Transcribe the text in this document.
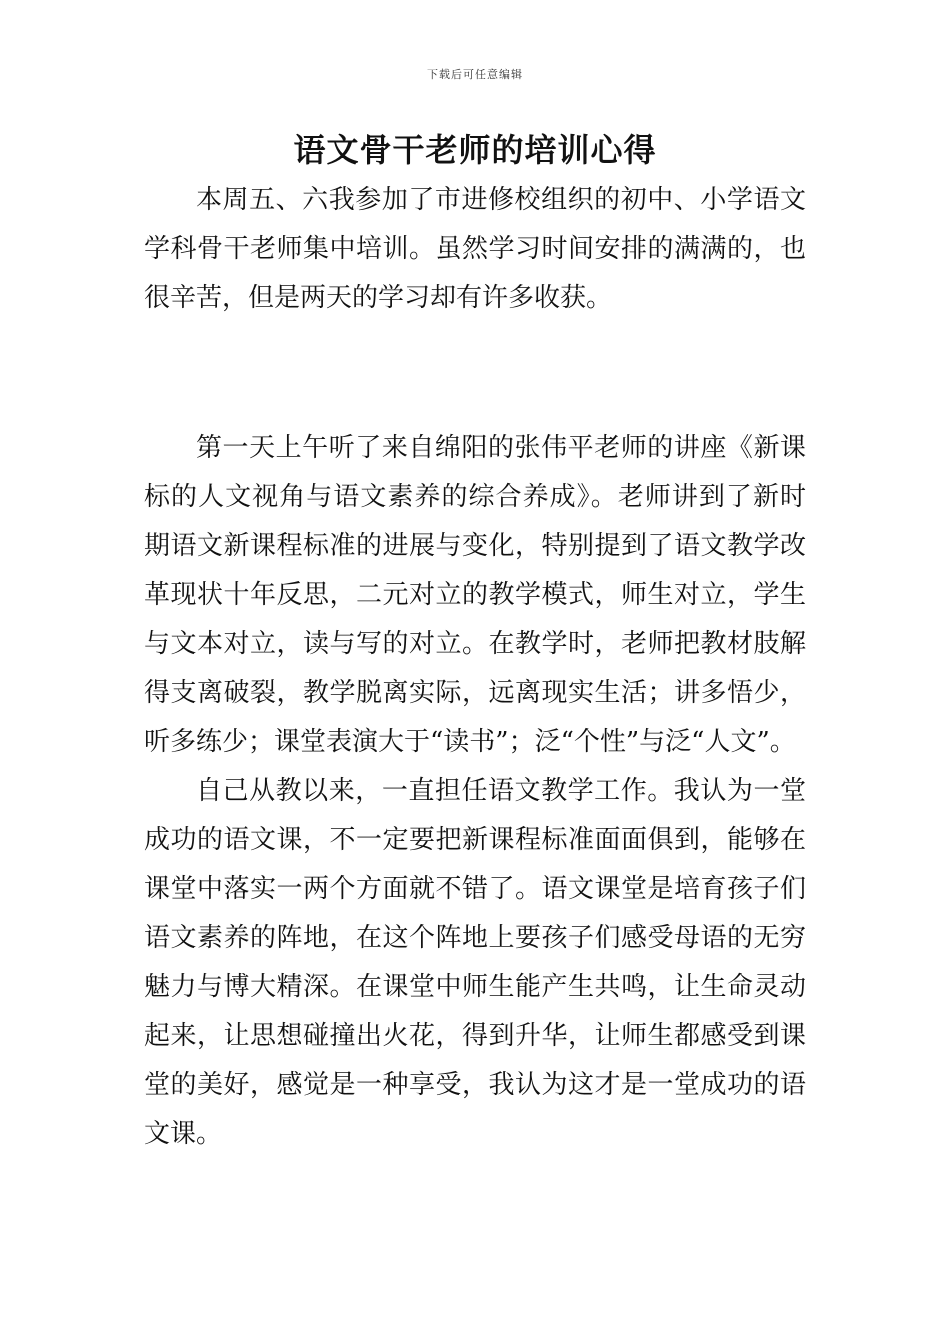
下载后可任意编辑
语文骨干老师的培训心得

本周五、六我参加了市进修校组织的初中、小学语文学科骨干老师集中培训。虽然学习时间安排的满满的，也很辛苦，但是两天的学习却有许多收获。

第一天上午听了来自绵阳的张伟平老师的讲座《新课标的人文视角与语文素养的综合养成》。老师讲到了新时期语文新课程标准的进展与变化，特别提到了语文教学改革现状十年反思，二元对立的教学模式，师生对立，学生与文本对立，读与写的对立。在教学时，老师把教材肢解得支离破裂，教学脱离实际，远离现实生活；讲多悟少，听多练少；课堂表演大于“读书”；泛“个性”与泛“人文”。

自己从教以来，一直担任语文教学工作。我认为一堂成功的语文课，不一定要把新课程标准面面俱到，能够在课堂中落实一两个方面就不错了。语文课堂是培育孩子们语文素养的阵地，在这个阵地上要孩子们感受母语的无穷魅力与博大精深。在课堂中师生能产生共鸣，让生命灵动起来，让思想碰撞出火花，得到升华，让师生都感受到课堂的美好，感觉是一种享受，我认为这才是一堂成功的语文课。
